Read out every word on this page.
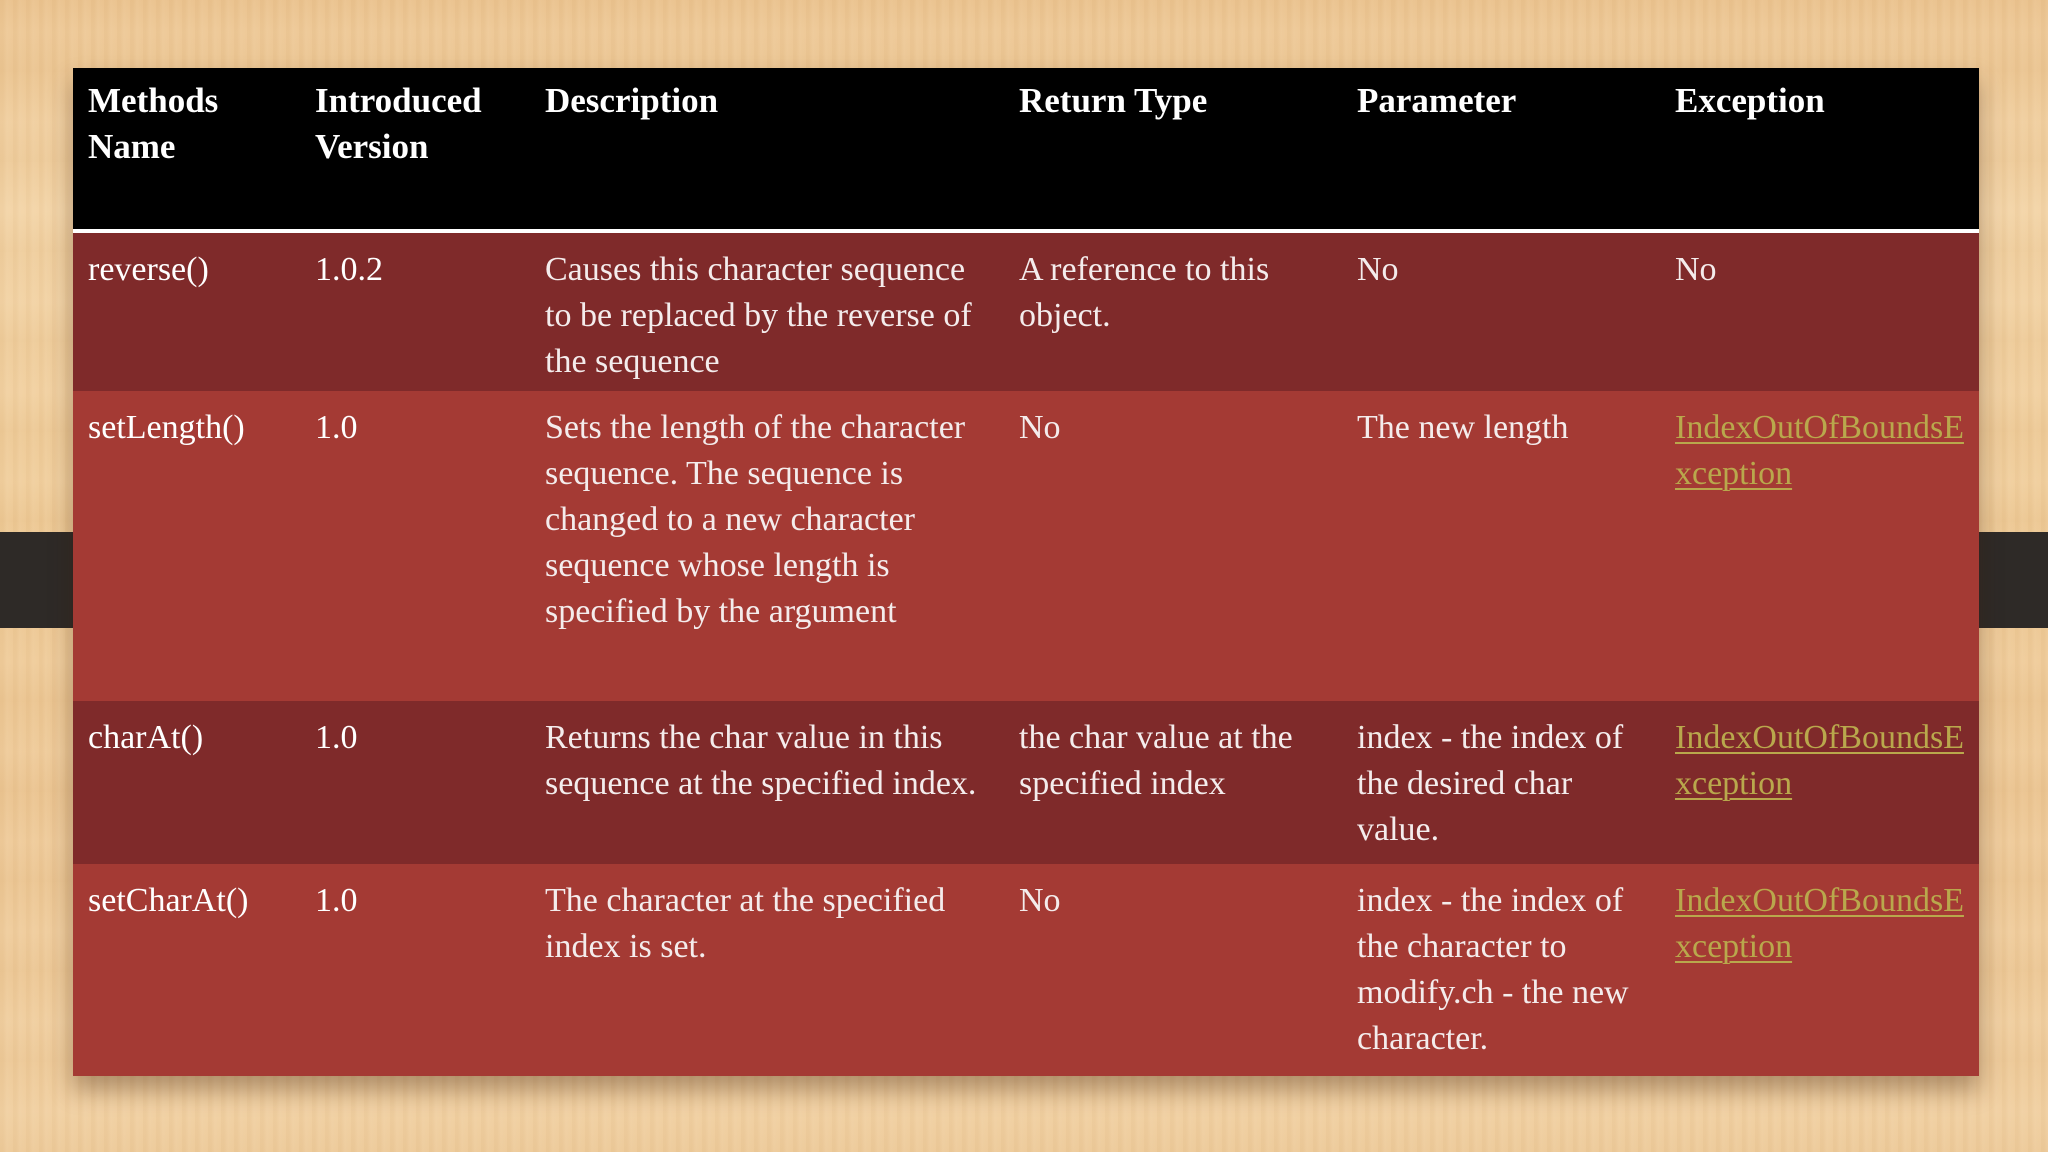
Methods Name	Introduced Version	Description	Return Type	Parameter	Exception
reverse()	1.0.2	Causes this character sequence to be replaced by the reverse of the sequence	A reference to this object.	No	No
setLength()	1.0	Sets the length of the character sequence. The sequence is changed to a new character sequence whose length is specified by the argument	No	The new length	IndexOutOfBoundsException
charAt()	1.0	Returns the char value in this sequence at the specified index.	the char value at the specified index	index - the index of the desired char value.	IndexOutOfBoundsException
setCharAt()	1.0	The character at the specified index is set.	No	index - the index of the character to modify.ch - the new character.	IndexOutOfBoundsException
